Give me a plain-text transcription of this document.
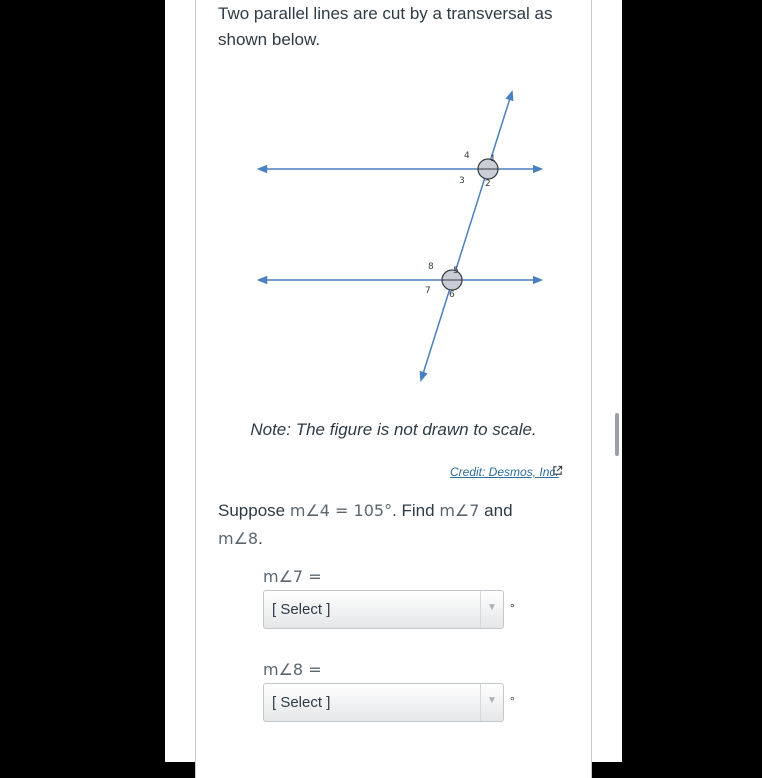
Two parallel lines are cut by a transversal as shown below.
1
2
3
4
5
6
7
8
Note: The figure is not drawn to scale.
Credit: Desmos, Inc.
Suppose m∠4 = 105°. Find m∠7 and
m∠8.
m∠7 =
[ Select ]	▼	°
m∠8 =
[ Select ]	▼	°
